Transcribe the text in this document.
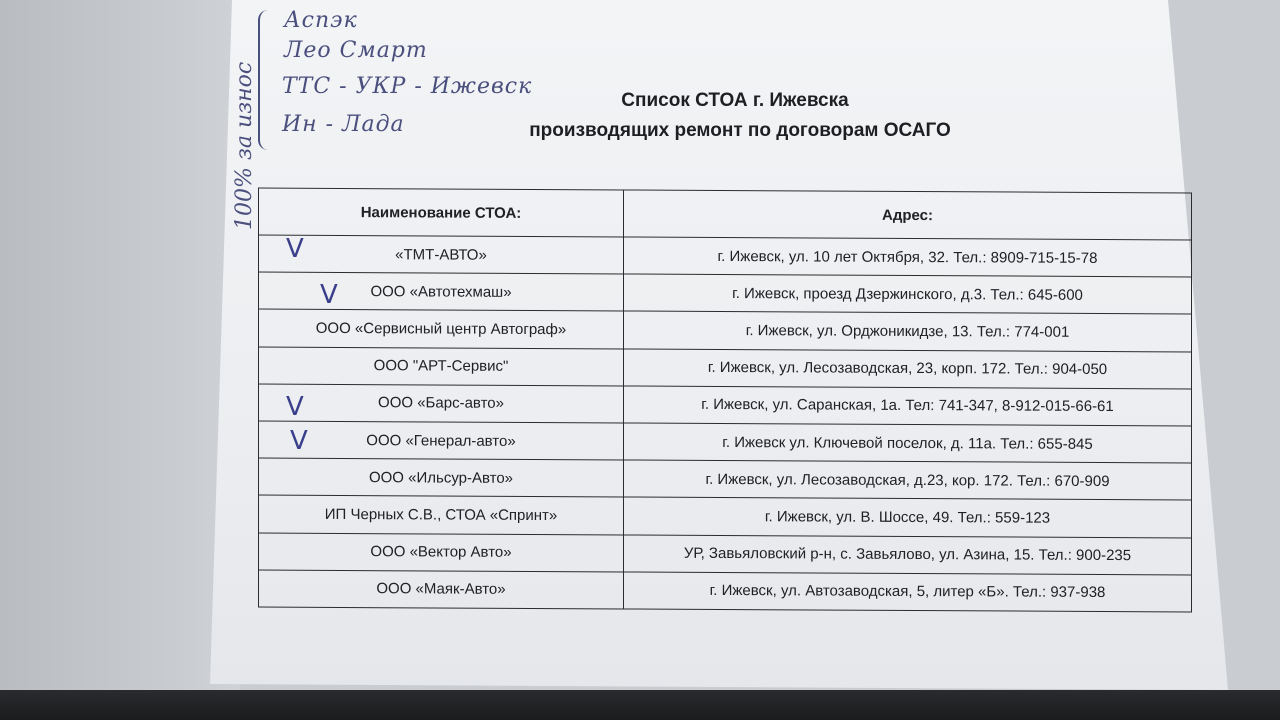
Аспэк
Лео Смарт
ТТС - УКР - Ижевск
Ин - Лада
100% за износ	Список СТОА г. Ижевска
производящих ремонт по договорам ОСАГО
Наименование СТОА:	Адрес:
«ТМТ-АВТО»	г. Ижевск, ул. 10 лет Октября, 32. Тел.: 8909-715-15-78
ООО «Автотехмаш»	г. Ижевск, проезд Дзержинского, д.3. Тел.: 645-600
ООО «Сервисный центр Автограф»	г. Ижевск, ул. Орджоникидзе, 13. Тел.: 774-001
ООО "АРТ-Сервис"	г. Ижевск, ул. Лесозаводская, 23, корп. 172. Тел.: 904-050
ООО «Барс-авто»	г. Ижевск, ул. Саранская, 1а. Тел: 741-347, 8-912-015-66-61
ООО «Генерал-авто»	г. Ижевск ул. Ключевой поселок, д. 11а. Тел.: 655-845
ООО «Ильсур-Авто»	г. Ижевск, ул. Лесозаводская, д.23, кор. 172. Тел.: 670-909
ИП Черных С.В., СТОА «Спринт»	г. Ижевск, ул. В. Шоссе, 49. Тел.: 559-123
ООО «Вектор Авто»	УР, Завьяловский р-н, с. Завьялово, ул. Азина, 15. Тел.: 900-235
ООО «Маяк-Авто»	г. Ижевск, ул. Автозаводская, 5, литер «Б». Тел.: 937-938
V
V
V
V
